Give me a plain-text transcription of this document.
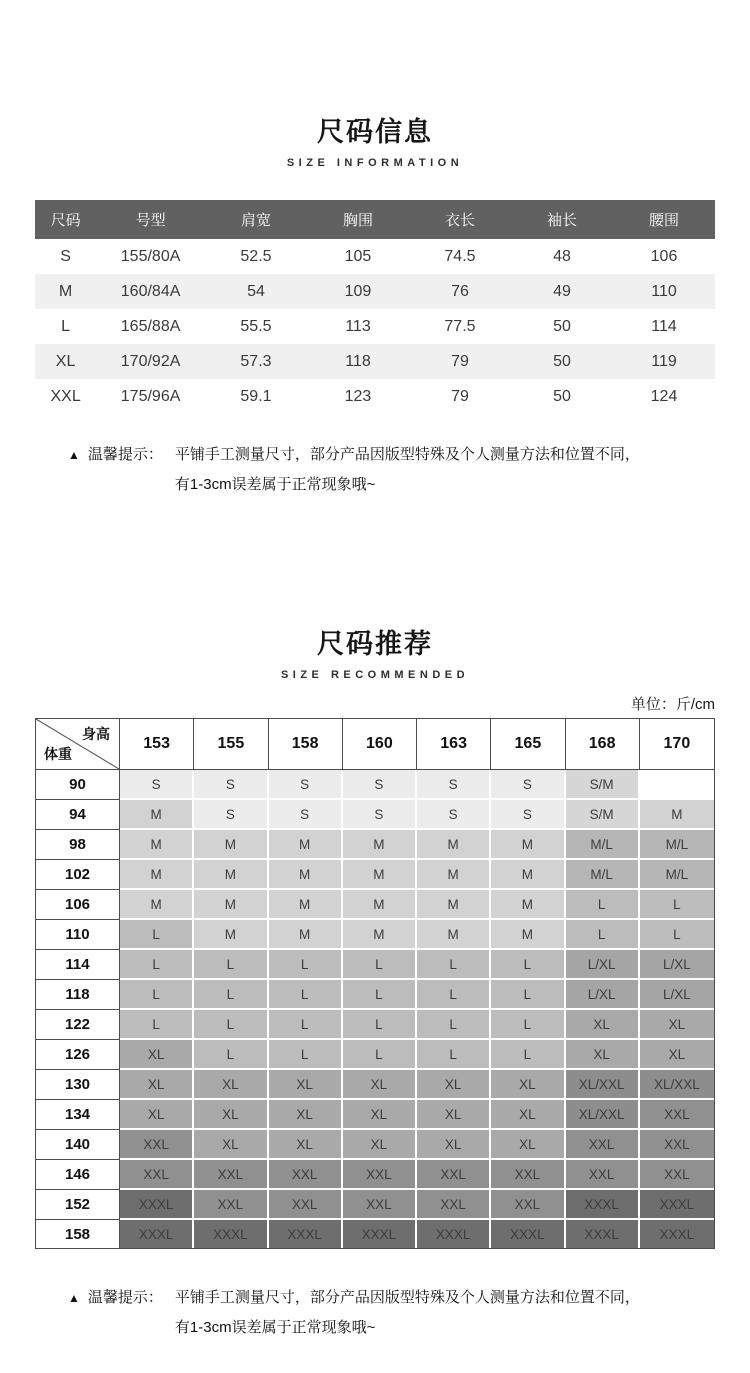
尺码信息
SIZE INFORMATION
尺码	号型	肩宽	胸围	衣长	袖长	腰围
S	155/80A	52.5	105	74.5	48	106
M	160/84A	54	109	76	49	110
L	165/88A	55.5	113	77.5	50	114
XL	170/92A	57.3	118	79	50	119
XXL	175/96A	59.1	123	79	50	124
▲ 温馨提示： 平铺手工测量尺寸，部分产品因版型特殊及个人测量方法和位置不同，
有1-3cm误差属于正常现象哦~
尺码推荐
SIZE RECOMMENDED
单位：斤/cm
身高
体重	153	155	158	160	163	165	168	170
90	S	S	S	S	S	S	S/M	
94	M	S	S	S	S	S	S/M	M
98	M	M	M	M	M	M	M/L	M/L
102	M	M	M	M	M	M	M/L	M/L
106	M	M	M	M	M	M	L	L
110	L	M	M	M	M	M	L	L
114	L	L	L	L	L	L	L/XL	L/XL
118	L	L	L	L	L	L	L/XL	L/XL
122	L	L	L	L	L	L	XL	XL
126	XL	L	L	L	L	L	XL	XL
130	XL	XL	XL	XL	XL	XL	XL/XXL	XL/XXL
134	XL	XL	XL	XL	XL	XL	XL/XXL	XXL
140	XXL	XL	XL	XL	XL	XL	XXL	XXL
146	XXL	XXL	XXL	XXL	XXL	XXL	XXL	XXL
152	XXXL	XXL	XXL	XXL	XXL	XXL	XXXL	XXXL
158	XXXL	XXXL	XXXL	XXXL	XXXL	XXXL	XXXL	XXXL
▲ 温馨提示： 平铺手工测量尺寸，部分产品因版型特殊及个人测量方法和位置不同，
有1-3cm误差属于正常现象哦~
